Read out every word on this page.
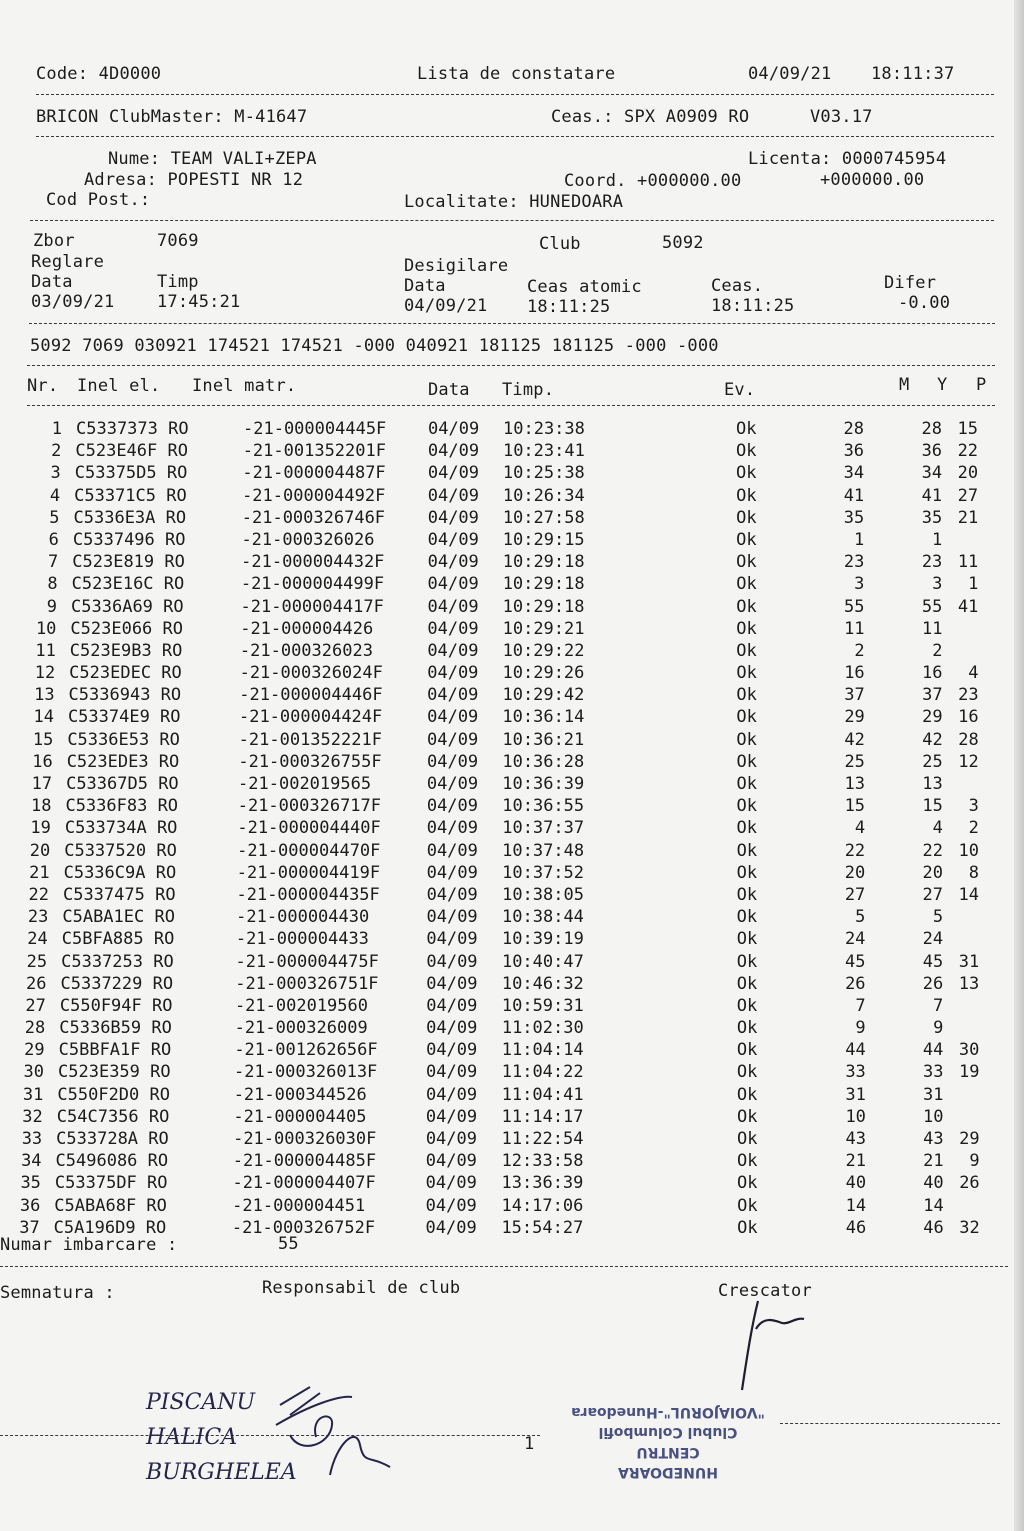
Code: 4D0000	Lista de constatare	04/09/21 18:11:37
BRICON ClubMaster: M-41647	Ceas.: SPX A0909 RO	V03.17
Nume: TEAM VALI+ZEPA	Licenta: 0000745954
Adresa: POPESTI NR 12	Coord. +000000.00	+000000.00
Cod Post.:	Localitate: HUNEDOARA
Zbor	7069	Club	5092
Reglare	Desigilare
Data	Timp	Data	Ceas atomic	Ceas.	Difer
03/09/21	17:45:21	04/09/21 18:11:25	18:11:25	-0.00
5092 7069 030921 174521 174521 -000 040921 181125 181125 -000 -000
Nr. Inel el. Inel matr.	Data Timp.	Ev.	M Y P
1 C5337373 RO	-21-000004445F 04/09 10:23:38	Ok	28	28 15
2 C523E46F RO	-21-001352201F 04/09 10:23:41	Ok	36	36 22
3 C53375D5 RO	-21-000004487F 04/09 10:25:38	Ok	34	34 20
4 C53371C5 RO	-21-000004492F 04/09 10:26:34	Ok	41	41 27
5 C5336E3A RO	-21-000326746F	04/09 10:27:58	Ok	35	35 21
6 C5337496 RO	-21-000326026	04/09 10:29:15	Ok	1	1
7 C523E819 RO	-21-000004432F	04/09 10:29:18	Ok	23	23 11
8 C523E16C RO	-21-000004499F	04/09 10:29:18	Ok	3	3	1
9 C5336A69 RO	-21-000004417F	04/09 10:29:18	Ok	55	55 41
10 C523E066 RO	-21-000004426	04/09 10:29:21	Ok	11	11
11 C523E9B3 RO	-21-000326023	04/09 10:29:22	Ok	2	2
12 C523EDEC RO	-21-000326024F	04/09 10:29:26	Ok	16	16	4
13 C5336943 RO	-21-000004446F	04/09 10:29:42	Ok	37	37 23
14 C53374E9 RO	-21-000004424F	04/09 10:36:14	Ok	29	29 16
15 C5336E53 RO	-21-001352221F	04/09 10:36:21	Ok	42	42 28
16 C523EDE3 RO	-21-000326755F	04/09 10:36:28	Ok	25	25 12
17 C53367D5 RO	-21-002019565	04/09 10:36:39	Ok	13	13
18 C5336F83 RO	-21-000326717F	04/09 10:36:55	Ok	15	15	3
19 C533734A RO	-21-000004440F	04/09 10:37:37	Ok	4	4	2
20 C5337520 RO	-21-000004470F	04/09 10:37:48	Ok	22	22 10
21 C5336C9A RO	-21-000004419F	04/09 10:37:52	Ok	20	20	8
22 C5337475 RO	-21-000004435F	04/09 10:38:05	Ok	27	27 14
23 C5ABA1EC RO	-21-000004430	04/09 10:38:44	Ok	5	5
24 C5BFA885 RO	-21-000004433	04/09 10:39:19	Ok	24	24
25 C5337253 RO	-21-000004475F	04/09 10:40:47	Ok	45	45 31
26 C5337229 RO	-21-000326751F	04/09 10:46:32	Ok	26	26 13
27 C550F94F RO	-21-002019560	04/09 10:59:31	Ok	7	7
28 C5336B59 RO	-21-000326009	04/09 11:02:30	Ok	9	9
29 C5BBFA1F RO	-21-001262656F	04/09 11:04:14	Ok	44	44 30
30 C523E359 RO	-21-000326013F	04/09 11:04:22	Ok	33	33 19
31 C550F2D0 RO	-21-000344526	04/09 11:04:41	Ok	31	31
32 C54C7356 RO	-21-000004405	04/09 11:14:17	Ok	10	10
33 C533728A RO	-21-000326030F	04/09 11:22:54	Ok	43	43 29
34 C5496086 RO	-21-000004485F	04/09 12:33:58	Ok	21	21	9
35 C53375DF RO	-21-000004407F	04/09 13:36:39	Ok	40	40 26
36 C5ABA68F RO	-21-000004451	04/09 14:17:06	Ok	14	14
37 C5A196D9 RO	-21-000326752F	04/09 15:54:27	Ok	46	46 32
Numar imbarcare :	55
Semnatura :	Responsabil de club	Crescator
1
PISCANU
HALICA
BURGHELEA	HUNEDOARA
CENTRU
Clubul Columbofil
"VOIAJORUL"-Hunedoara
